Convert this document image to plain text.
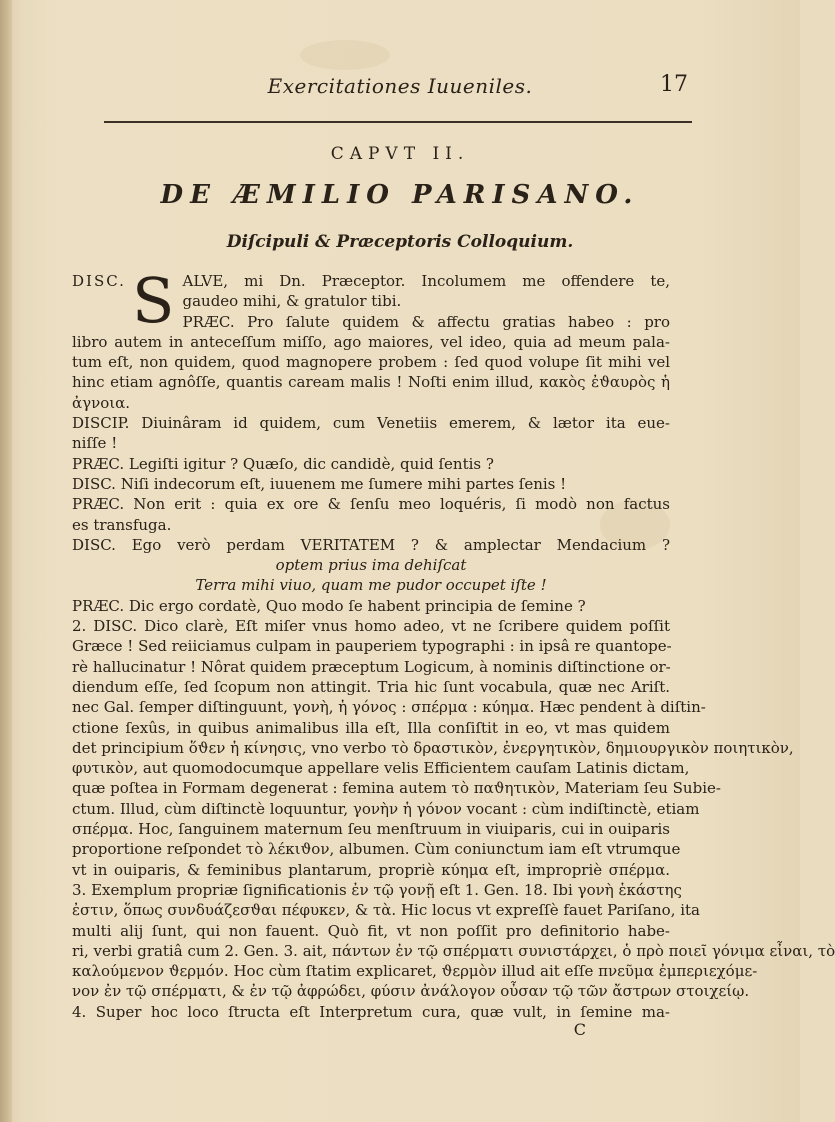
Exercitationes Iuueniles.	17
CAPVT II.
DE ÆMILIO PARISANO.
Diſcipuli & Præceptoris Colloquium.
DISC. S ALVE, mi Dn. Præceptor. Incolumem me offendere te,
gaudeo mihi, & gratulor tibi.
PRÆC. Pro ſalute quidem & affectu gratias habeo : pro
libro autem in anteceſſum miſſo, ago maiores, vel ideo, quia ad meum pala-
tum eſt, non quidem, quod magnopere probem : ſed quod volupe ſit mihi vel
hinc etiam agnôſſe, quantis caream malis ! Noſti enim illud, κακὸς ἐϑαυρὸς ἡ
ἀγνοια.
DISCIP. Diuinâram id quidem, cum Venetiis emerem, & lætor ita eue-
niſſe !
PRÆC. Legiſti igitur ? Quæſo, dic candidè, quid ſentis ?
DISC. Niſi indecorum eſt, iuuenem me ſumere mihi partes ſenis !
PRÆC. Non erit : quia ex ore & ſenſu meo loquéris, ſi modò non factus
es transfuga.
DISC. Ego verò perdam VERITATEM ? & amplectar Mendacium ?
optem prius ima dehiſcat
Terra mihi viuo, quam me pudor occupet iſte !
PRÆC. Dic ergo cordatè, Quo modo ſe habent principia de ſemine ?
2. DISC. Dico clarè, Eſt miſer vnus homo adeo, vt ne ſcribere quidem poſſit
Græce ! Sed reiiciamus culpam in pauperiem typographi : in ipsâ re quantope-
rè hallucinatur ! Nôrat quidem præceptum Logicum, à nominis diſtinctione or-
diendum eſſe, ſed ſcopum non attingit. Tria hic ſunt vocabula, quæ nec Ariſt.
nec Gal. ſemper diſtinguunt, γονὴ, ἡ γόνος : σπέρμα : κύημα. Hæc pendent à diſtin-
ctione ſexûs, in quibus animalibus illa eſt, Illa conſiſtit in eo, vt mas quidem
det principium ὅϑεν ἡ κίνησις, vno verbo τὸ δραστικὸν, ἐνεργητικὸν, δημιουργικὸν ποιητικὸν,
φυτικὸν, aut quomodocumque appellare velis Efficientem cauſam Latinis dictam,
quæ poſtea in Formam degenerat : femina autem τὸ παϑητικὸν, Materiam ſeu Subie-
ctum. Illud, cùm diſtinctè loquuntur, γονὴν ἡ γόνον vocant : cùm indiſtinctè, etiam
σπέρμα. Hoc, ſanguinem maternum ſeu menſtruum in viuiparis, cui in ouiparis
proportione reſpondet τὸ λέκιϑον, albumen. Cùm coniunctum iam eſt vtrumque
vt in ouiparis, & feminibus plantarum, propriè κύημα eſt, impropriè σπέρμα.
3. Exemplum propriæ ſignificationis ἐν τῷ γονῇ eſt 1. Gen. 18. Ibi γονὴ ἑκάστης
ἐστιν, ὅπως συνδυάζεσϑαι πέφυκεν, & τὰ. Hic locus vt expreſſè fauet Pariſano, ita
multi alij ſunt, qui non fauent. Quò fit, vt non poſſit pro definitorio habe-
ri, verbi gratiâ cum 2. Gen. 3. ait, πάντων ἐν τῷ σπέρματι συνιστάρχει, ὁ πρὸ ποιεῖ γόνιμα εἶναι, τὸ
καλούμενον ϑερμόν. Hoc cùm ſtatim explicaret, ϑερμὸν illud ait eſſe πνεῦμα ἐμπεριεχόμε-
νον ἐν τῷ σπέρματι, & ἐν τῷ ἀφρώδει, φύσιν ἀνάλογον οὖσαν τῷ τῶν ἄστρων στοιχείῳ.
4. Super hoc loco ſtructa eſt Interpretum cura, quæ vult, in ſemine ma-
C
